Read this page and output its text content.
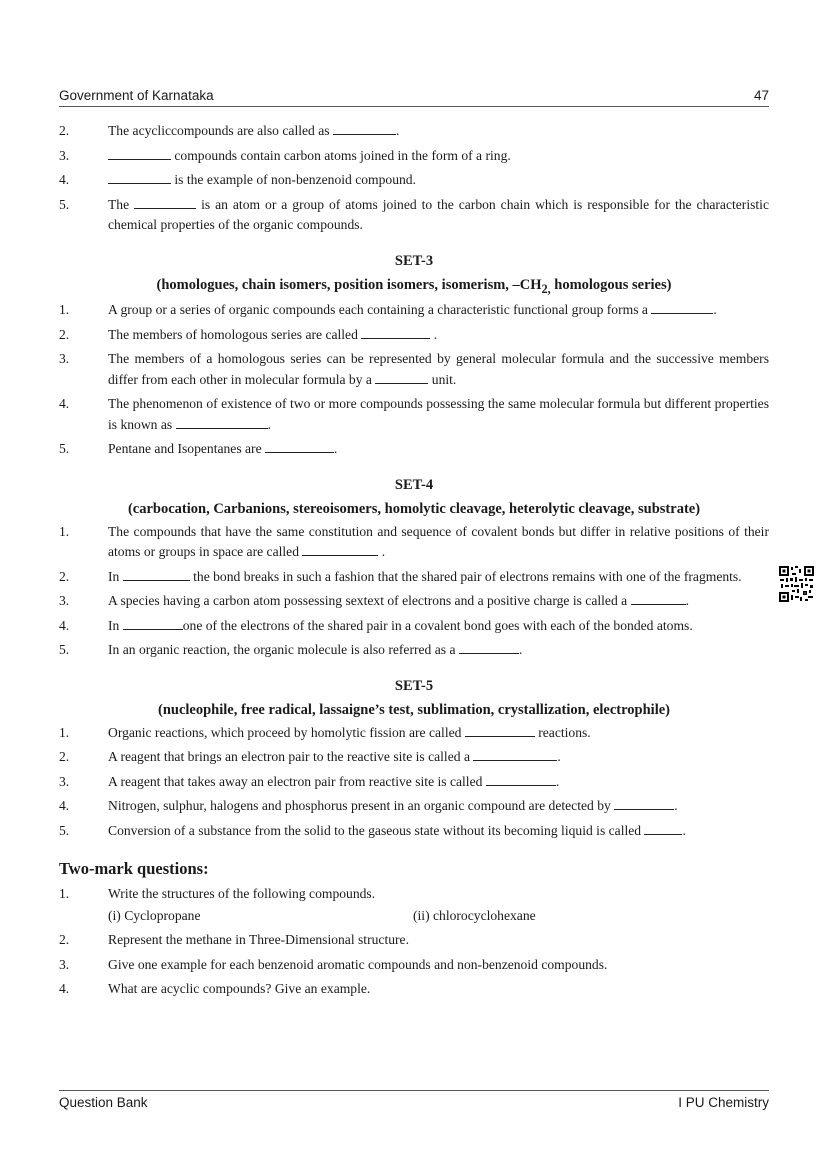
Government of Karnataka	47
2.	The acycliccompounds are also called as	.
3.	compounds contain carbon atoms joined in the form of a ring.
4.	is the example of non-benzenoid compound.
5.	The	is an atom or a group of atoms joined to the carbon chain which is responsible for the characteristic chemical properties of the organic compounds.
SET-3
(homologues, chain isomers, position isomers, isomerism, $-CH_{2,}$ homologous series)
1.	A group or a series of organic compounds each containing a characteristic functional group forms a	.
2.	The members of homologous series are called	.
3.	The members of a homologous series can be represented by general molecular formula and the successive members differ from each other in molecular formula by a	unit.
4.	The phenomenon of existence of two or more compounds possessing the same molecular formula but different properties is known as	.
5.	Pentane and Isopentanes are	.
SET-4
(carbocation, Carbanions, stereoisomers, homolytic cleavage, heterolytic cleavage, substrate)
1.	The compounds that have the same constitution and sequence of covalent bonds but differ in relative positions of their atoms or groups in space are called	.
2.	In	the bond breaks in such a fashion that the shared pair of electrons remains with one of the fragments.
3.	A species having a carbon atom possessing sextext of electrons and a positive charge is called a	.
4.	In	one of the electrons of the shared pair in a covalent bond goes with each of the bonded atoms.
5.	In an organic reaction, the organic molecule is also referred as a	.
SET-5
(nucleophile, free radical, lassaigne’s test, sublimation, crystallization, electrophile)
1.	Organic reactions, which proceed by homolytic fission are called	reactions.
2.	A reagent that brings an electron pair to the reactive site is called a	.
3.	A reagent that takes away an electron pair from reactive site is called	.
4.	Nitrogen, sulphur, halogens and phosphorus present in an organic compound are detected by	.
5.	Conversion of a substance from the solid to the gaseous state without its becoming liquid is called	.
Two-mark questions:
1.	Write the structures of the following compounds.
(i) Cyclopropane	(ii) chlorocyclohexane
2.	Represent the methane in Three-Dimensional structure.
3.	Give one example for each benzenoid aromatic compounds and non-benzenoid compounds.
4.	What are acyclic compounds? Give an example.
Question Bank	I PU Chemistry
